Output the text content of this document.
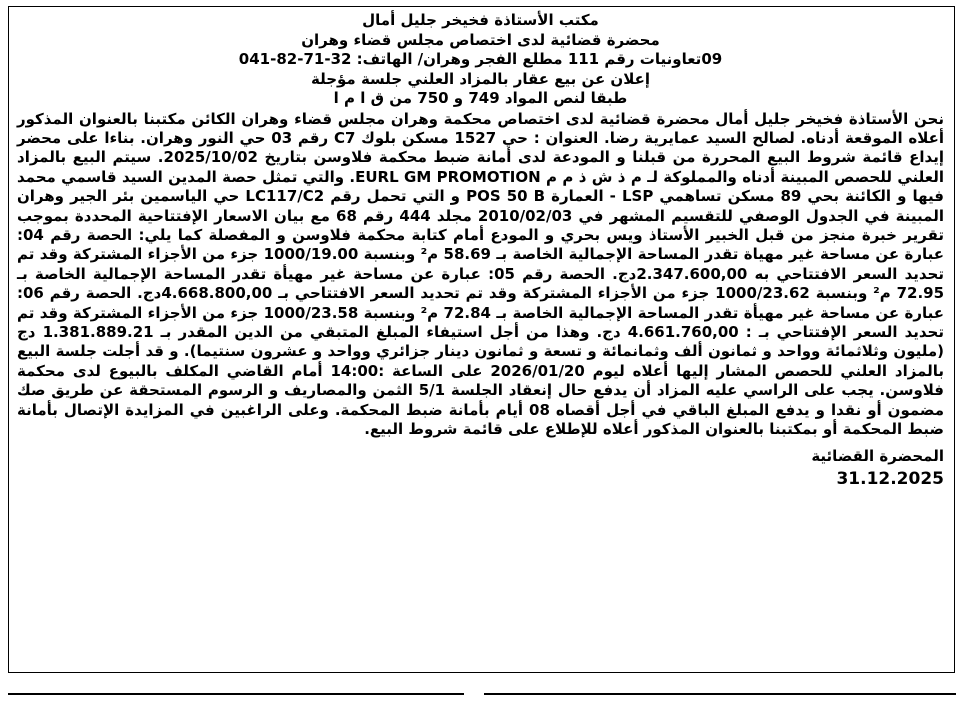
مكتب الأستاذة فخيخر جليل أمال
محضرة قضائية لدى اختصاص مجلس قضاء وهران
09تعاونيات رقم 111 مطلع الفجر وهران/ الهاتف: 32-71-82-041
إعلان عن بيع عقار بالمزاد العلني جلسة مؤجلة
طبقا لنص المواد 749 و 750 من ق ا م ا
نحن الأستاذة فخيخر جليل أمال محضرة قضائية لدى اختصاص محكمة وهران مجلس قضاء وهران الكائن مكتبنا بالعنوان المذكور أعلاه الموقعة أدناه. لصالح السيد عمايرية رضا. العنوان : حي 1527 مسكن بلوك C7 رقم 03 حي النور وهران. بناءا على محضر إيداع قائمة شروط البيع المحررة من قبلنا و المودعة لدى أمانة ضبط محكمة فلاوسن بتاريخ 2025/10/02. سيتم البيع بالمزاد العلني للحصص المبينة أدناه والمملوكة لـ م ذ ش ذ م م EURL GM PROMOTION. والتي تمثل حصة المدين السيد قاسمي محمد فيها و الكائنة بحي 89 مسكن تساهمي LSP - العمارة POS 50 B و التي تحمل رقم LC117/C2 حي الياسمين بئر الجير وهران المبينة في الجدول الوصفي للتقسيم المشهر في 2010/02/03 مجلد 444 رقم 68 مع بيان الاسعار الإفتتاحية المحددة بموجب تقرير خبرة منجز من قبل الخبير الأستاذ ويس بحري و المودع أمام كتابة محكمة فلاوسن و المفصلة كما يلي: الحصة رقم 04: عبارة عن مساحة غير مهياة تقدر المساحة الإجمالية الخاصة بـ 58.69 م² وبنسبة 1000/19.00 جزء من الأجزاء المشتركة وقد تم تحديد السعر الافتتاحي به 2.347.600,00دج. الحصة رقم 05: عبارة عن مساحة غير مهيأة تقدر المساحة الإجمالية الخاصة بـ 72.95 م² وبنسبة 1000/23.62 جزء من الأجزاء المشتركة وقد تم تحديد السعر الافتتاحي بـ 4.668.800,00دج. الحصة رقم 06: عبارة عن مساحة غير مهيأة تقدر المساحة الإجمالية الخاصة بـ 72.84 م² وبنسبة 1000/23.58 جزء من الأجزاء المشتركة وقد تم تحديد السعر الإفتتاحي بـ : 4.661.760,00 دج. وهذا من أجل استيفاء المبلغ المتبقي من الدين المقدر بـ 1.381.889.21 دج (مليون وثلاثمائة وواحد و ثمانون ألف وثمانمائة و تسعة و ثمانون دينار جزائري وواحد و عشرون سنتيما). و قد أجلت جلسة البيع بالمزاد العلني للحصص المشار إليها أعلاه ليوم 2026/01/20 على الساعة :14:00 أمام القاضي المكلف بالبيوع لدى محكمة فلاوسن. يجب على الراسي عليه المزاد أن يدفع حال إنعقاد الجلسة 5/1 الثمن والمصاريف و الرسوم المستحقة عن طريق صك مضمون أو نقدا و يدفع المبلغ الباقي في أجل أقصاه 08 أيام بأمانة ضبط المحكمة. وعلى الراغبين في المزايدة الإتصال بأمانة ضبط المحكمة أو بمكتبنا بالعنوان المذكور أعلاه للإطلاع على قائمة شروط البيع.
المحضرة القضائية
31.12.2025
